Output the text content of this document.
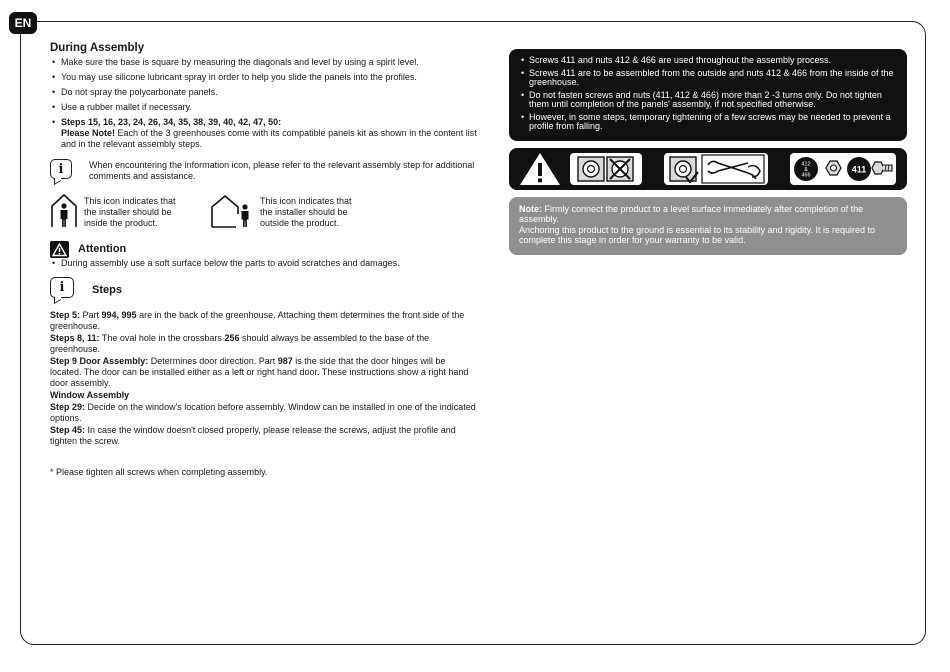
EN
During Assembly
• Make sure the base is square by measuring the diagonals and level by using a spirit level.
• You may use silicone lubricant spray in order to help you slide the panels into the profiles.
• Do not spray the polycarbonate panels.
• Use a rubber mallet if necessary.
• Steps 15, 16, 23, 24, 26, 34, 35, 38, 39, 40, 42, 47, 50:
Please Note! Each of the 3 greenhouses come with its compatible panels kit as shown in the content list and in the relevant assembly steps.
i	When encountering the information icon, please refer to the relevant assembly step for additional comments and assistance.
This icon indicates that the installer should be inside the product.
This icon indicates that the installer should be outside the product.
Attention
• During assembly use a soft surface below the parts to avoid scratches and damages.
i	Steps

Step 5: Part 994, 995 are in the back of the greenhouse. Attaching them determines the front side of the greenhouse.

Steps 8, 11: The oval hole in the crossbars 256 should always be assembled to the base of the greenhouse.

Step 9 Door Assembly: Determines door direction. Part 987 is the side that the door hinges will be located. The door can be installed either as a left or right hand door. These instructions show a right hand door assembly.

Window Assembly

Step 29: Decide on the window's location before assembly. Window can be installed in one of the indicated options.

Step 45: In case the window doesn't closed properly, please release the screws, adjust the profile and tighten the screw.

* Please tighten all screws when completing assembly.
• Screws 411 and nuts 412 & 466 are used throughout the assembly process.
• Screws 411 are to be assembled from the outside and nuts 412 & 466 from the inside of the greenhouse.
• Do not fasten screws and nuts (411, 412 & 466) more than 2 -3 turns only. Do not tighten them until completion of the panels' assembly, if not specified otherwise.
• However, in some steps, temporary tightening of a few screws may be needed to prevent a profile from falling.
412
&
466
411
Note: Firmly connect the product to a level surface immediately after completion of the assembly.
Anchoring this product to the ground is essential to its stability and rigidity. It is required to complete this stage in order for your warranty to be valid.
